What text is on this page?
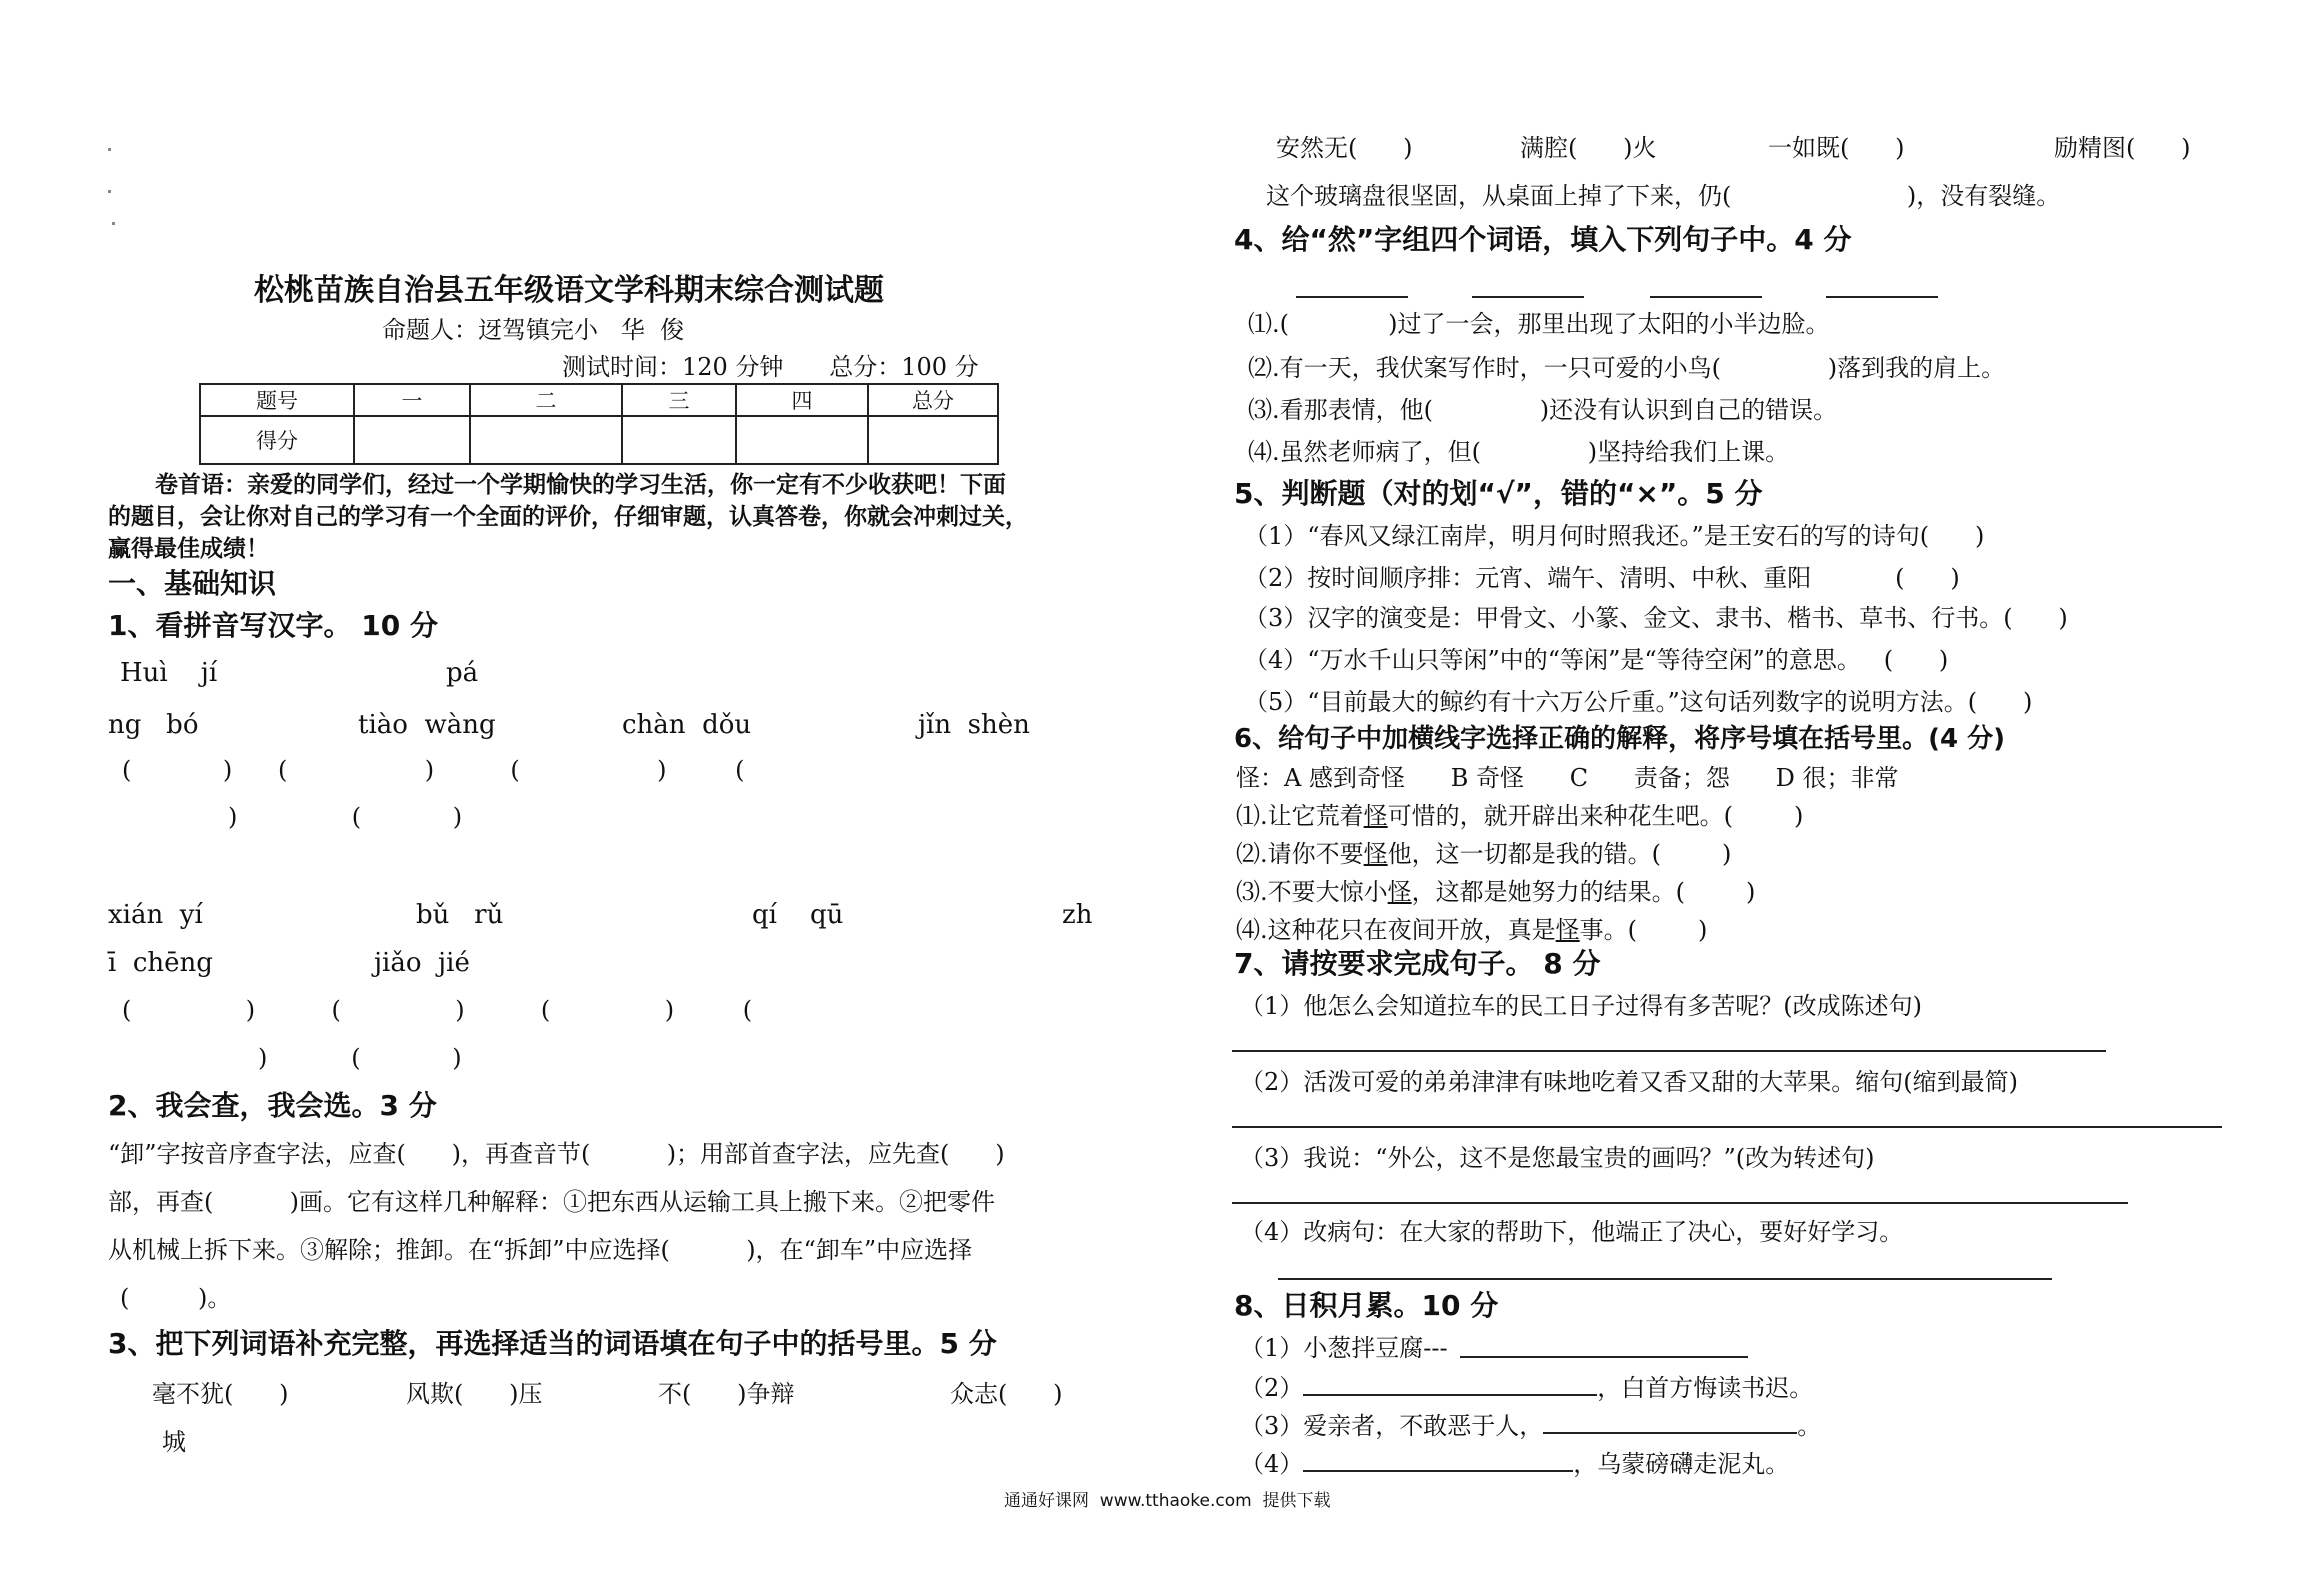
松桃苗族自治县五年级语文学科期末综合测试题
命题人：迓驾镇完小   华  俊
测试时间：120 分钟      总分：100 分
题号	一	二	三	四	总分
得分					
卷首语：亲爱的同学们，经过一个学期愉快的学习生活，你一定有不少收获吧！下面
的题目，会让你对自己的学习有一个全面的评价，仔细审题，认真答卷，你就会冲刺过关，
赢得最佳成绩！
一、基础知识
1、看拼音写汉字。 10 分
Huì    jí	pá
ng   bó	tiào  wàng	chàn  dǒu	jǐn  shèn
(            )      (                  )          (                  )         (
)               (            )
xián  yí	bǔ   rǔ	qí    qū	zh
ī  chēng	jiǎo  jié
(               )          (               )          (               )         (
)           (            )
2、我会查，我会选。3 分
“卸”字按音序查字法，应查(      )，再查音节(          )；用部首查字法，应先查(      )
部，再查(          )画。它有这样几种解释：①把东西从运输工具上搬下来。②把零件
从机械上拆下来。③解除；推卸。在“拆卸”中应选择(          )，在“卸车”中应选择
(         )。
3、把下列词语补充完整，再选择适当的词语填在句子中的括号里。5 分
毫不犹(      )	风欺(      )压	不(      )争辩	众志(      )
城
安然无(      )	满腔(      )火	一如既(      )	励精图(      )
这个玻璃盘很坚固，从桌面上掉了下来，仍(                       )，没有裂缝。
4、给“然”字组四个词语，填入下列句子中。4 分
⑴.(             )过了一会，那里出现了太阳的小半边脸。
⑵.有一天，我伏案写作时，一只可爱的小鸟(              )落到我的肩上。
⑶.看那表情，他(              )还没有认识到自己的错误。
⑷.虽然老师病了，但(              )坚持给我们上课。
5、判断题（对的划“√”，错的“×”。5 分
（1）“春风又绿江南岸，明月何时照我还。”是王安石的写的诗句(      )
（2）按时间顺序排：元宵、端午、清明、中秋、重阳           (      )
（3）汉字的演变是：甲骨文、小篆、金文、隶书、楷书、草书、行书。(      )
（4）“万水千山只等闲”中的“等闲”是“等待空闲”的意思。   (      )
（5）“目前最大的鲸约有十六万公斤重。”这句话列数字的说明方法。(      )
6、给句子中加横线字选择正确的解释，将序号填在括号里。(4 分)
怪：A 感到奇怪      B 奇怪      C      责备；怨      D 很；非常
⑴.让它荒着怪可惜的，就开辟出来种花生吧。(        )
⑵.请你不要怪他，这一切都是我的错。(        )
⑶.不要大惊小怪，这都是她努力的结果。(        )
⑷.这种花只在夜间开放，真是怪事。(        )
7、请按要求完成句子。 8 分
（1）他怎么会知道拉车的民工日子过得有多苦呢？(改成陈述句)
（2）活泼可爱的弟弟津津有味地吃着又香又甜的大苹果。缩句(缩到最简)
（3）我说：“外公，这不是您最宝贵的画吗？”(改为转述句)
（4）改病句：在大家的帮助下，他端正了决心，要好好学习。
8、日积月累。10 分
（1）小葱拌豆腐---
（2）	，白首方悔读书迟。
（3）爱亲者，不敢恶于人，	。
（4）	，乌蒙磅礴走泥丸。
通通好课网  www.tthaoke.com  提供下载
